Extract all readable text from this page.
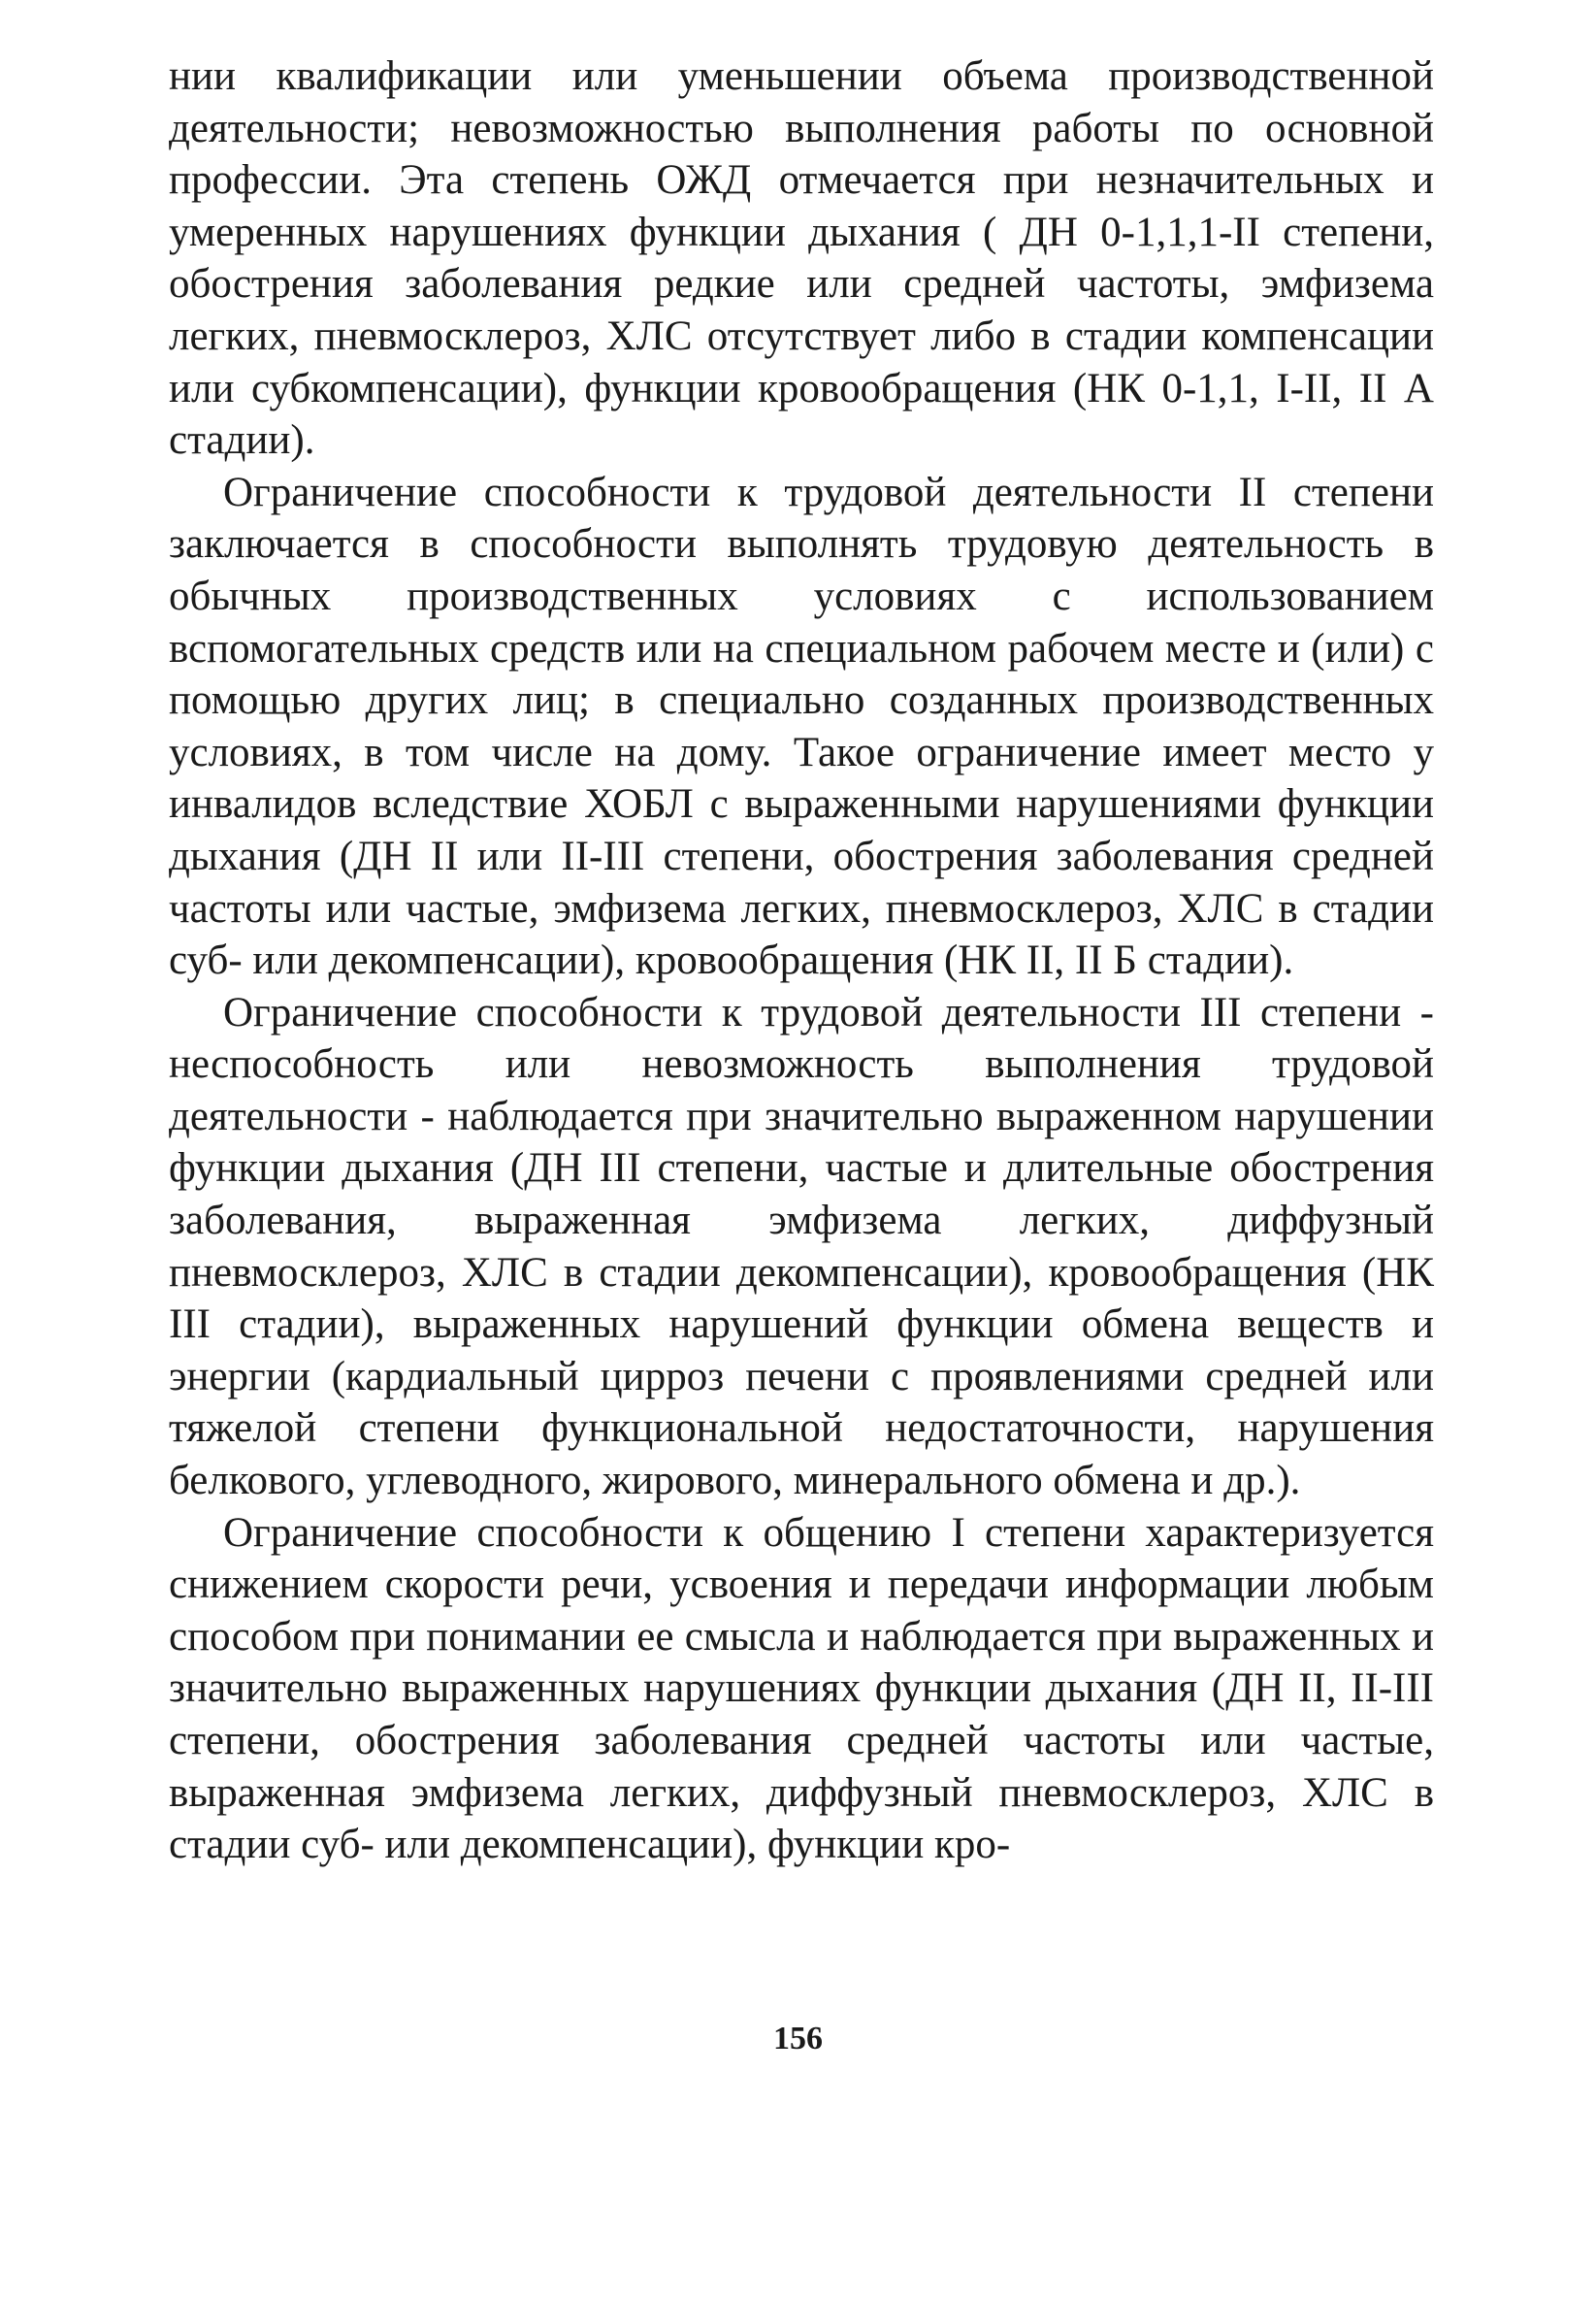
нии квалификации или уменьшении объема производственной деятельности; невозможностью выполнения работы по основной профессии. Эта степень ОЖД отмечается при незначительных и умеренных нарушениях функции дыхания ( ДН 0-1,1,1-II степени, обострения заболевания редкие или средней частоты, эмфизема легких, пневмосклероз, ХЛС отсутствует либо в стадии компенсации или субкомпенсации), функции кровообращения (НК 0-1,1, I-II, II А стадии).

Ограничение способности к трудовой деятельности II степени заключается в способности выполнять трудовую деятельность в обычных производственных условиях с использованием вспомогательных средств или на специальном рабочем месте и (или) с помощью других лиц; в специально созданных производственных условиях, в том числе на дому. Такое ограничение имеет место у инвалидов вследствие ХОБЛ с выраженными нарушениями функции дыхания (ДН II или II-III степени, обострения заболевания средней частоты или частые, эмфизема легких, пневмосклероз, ХЛС в стадии суб- или декомпенсации), кровообращения (НК II, II Б стадии).

Ограничение способности к трудовой деятельности III степени - неспособность или невозможность выполнения трудовой деятельности - наблюдается при значительно выраженном нарушении функции дыхания (ДН III степени, частые и длительные обострения заболевания, выраженная эмфизема легких, диффузный пневмосклероз, ХЛС в стадии декомпенсации), кровообращения (НК III стадии), выраженных нарушений функции обмена веществ и энергии (кардиальный цирроз печени с проявлениями средней или тяжелой степени функциональной недостаточности, нарушения белкового, углеводного, жирового, минерального обмена и др.).

Ограничение способности к общению I степени характеризуется снижением скорости речи, усвоения и передачи информации любым способом при понимании ее смысла и наблюдается при выраженных и значительно выраженных нарушениях функции дыхания (ДН II, II-III степени, обострения заболевания средней частоты или частые, выраженная эмфизема легких, диффузный пневмосклероз, ХЛС в стадии суб- или декомпенсации), функции кро-

156
